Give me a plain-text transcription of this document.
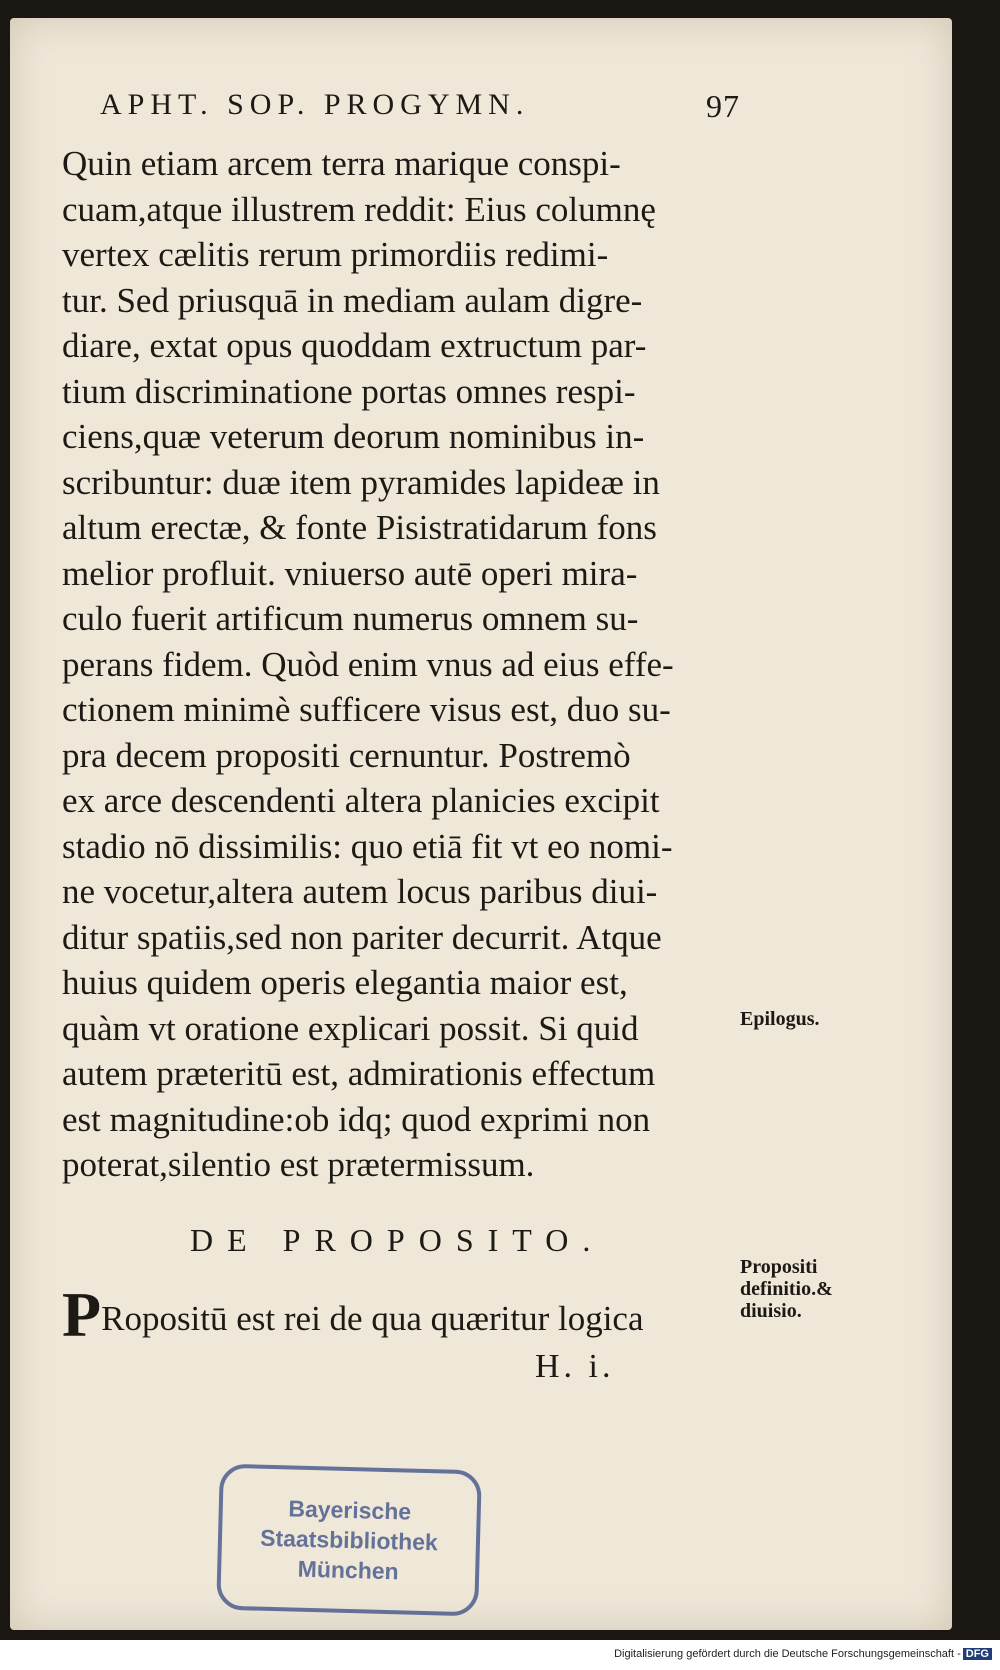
APHT. SOP. PROGYMN.	97
Quin etiam arcem terra marique conspi-
cuam,atque illustrem reddit: Eius columnę
vertex cælitis rerum primordiis redimi-
tur. Sed priusquā in mediam aulam digre-
diare, extat opus quoddam extructum par-
tium discriminatione portas omnes respi-
ciens,quæ veterum deorum nominibus in-
scribuntur: duæ item pyramides lapideæ in
altum erectæ, & fonte Pisistratidarum fons
melior profluit. vniuerso autē operi mira-
culo fuerit artificum numerus omnem su-
perans fidem. Quòd enim vnus ad eius effe-
ctionem minimè sufficere visus est, duo su-
pra decem propositi cernuntur. Postremò
ex arce descendenti altera planicies excipit
stadio nō dissimilis: quo etiā fit vt eo nomi-
ne vocetur,altera autem locus paribus diui-
ditur spatiis,sed non pariter decurrit. Atque
huius quidem operis elegantia maior est,
quàm vt oratione explicari possit. Si quid
autem præteritū est, admirationis effectum
est magnitudine:ob idq; quod exprimi non
poterat,silentio est prætermissum.
Epilogus.
Propositi
definitio.&
diuisio.
DE PROPOSITO.
PRopositū est rei de qua quæritur logica
H. i.
Bayerische
Staatsbibliothek
München
Digitalisierung gefördert durch die Deutsche Forschungsgemeinschaft - DFG
